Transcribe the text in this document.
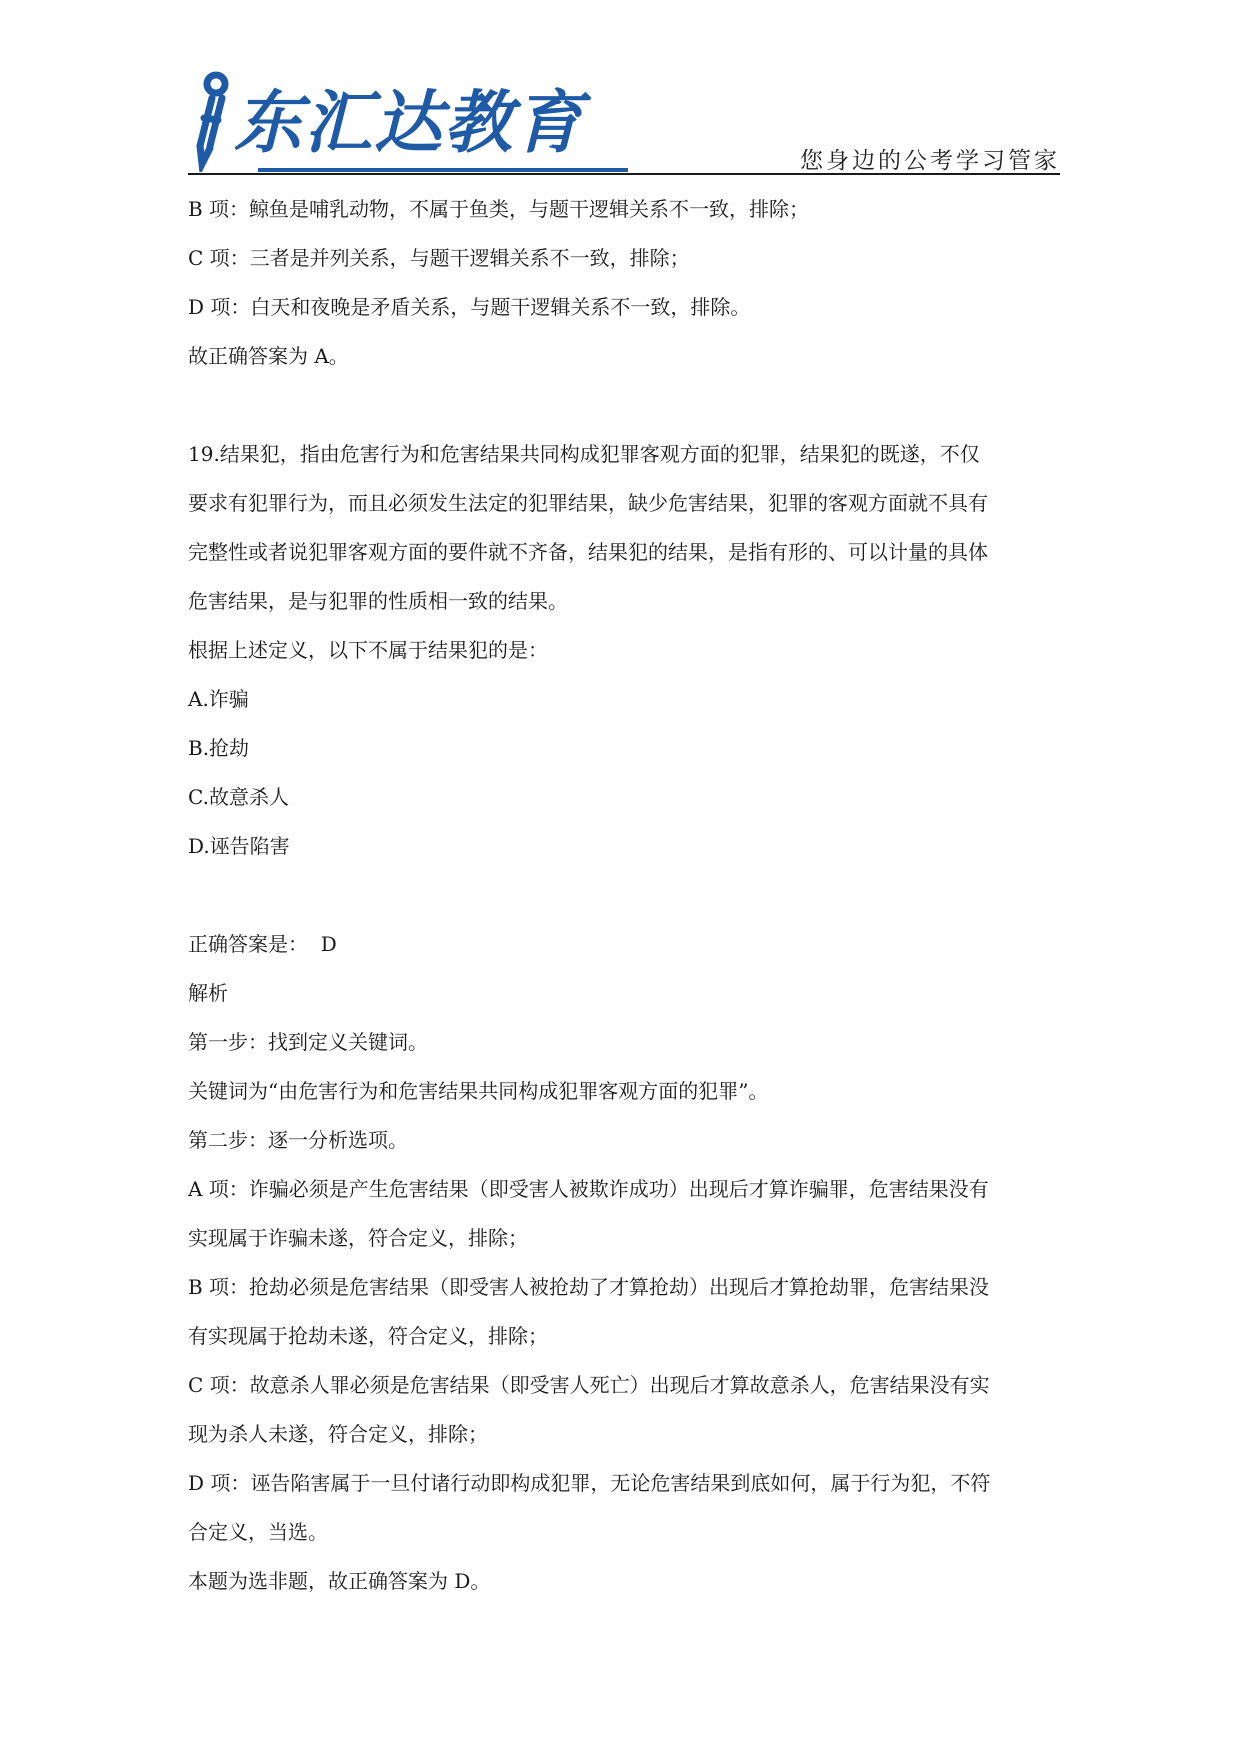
东汇达教育	您身边的公考学习管家

B 项：鲸鱼是哺乳动物，不属于鱼类，与题干逻辑关系不一致，排除；

C 项：三者是并列关系，与题干逻辑关系不一致，排除；

D 项：白天和夜晚是矛盾关系，与题干逻辑关系不一致，排除。

故正确答案为 A。

19.结果犯，指由危害行为和危害结果共同构成犯罪客观方面的犯罪，结果犯的既遂，不仅

要求有犯罪行为，而且必须发生法定的犯罪结果，缺少危害结果，犯罪的客观方面就不具有

完整性或者说犯罪客观方面的要件就不齐备，结果犯的结果，是指有形的、可以计量的具体

危害结果，是与犯罪的性质相一致的结果。

根据上述定义，以下不属于结果犯的是：

A.诈骗

B.抢劫

C.故意杀人

D.诬告陷害

正确答案是：  D

解析

第一步：找到定义关键词。

关键词为“由危害行为和危害结果共同构成犯罪客观方面的犯罪”。

第二步：逐一分析选项。

A 项：诈骗必须是产生危害结果（即受害人被欺诈成功）出现后才算诈骗罪，危害结果没有

实现属于诈骗未遂，符合定义，排除；

B 项：抢劫必须是危害结果（即受害人被抢劫了才算抢劫）出现后才算抢劫罪，危害结果没

有实现属于抢劫未遂，符合定义，排除；

C 项：故意杀人罪必须是危害结果（即受害人死亡）出现后才算故意杀人，危害结果没有实

现为杀人未遂，符合定义，排除；

D 项：诬告陷害属于一旦付诸行动即构成犯罪，无论危害结果到底如何，属于行为犯，不符

合定义，当选。

本题为选非题，故正确答案为 D。
